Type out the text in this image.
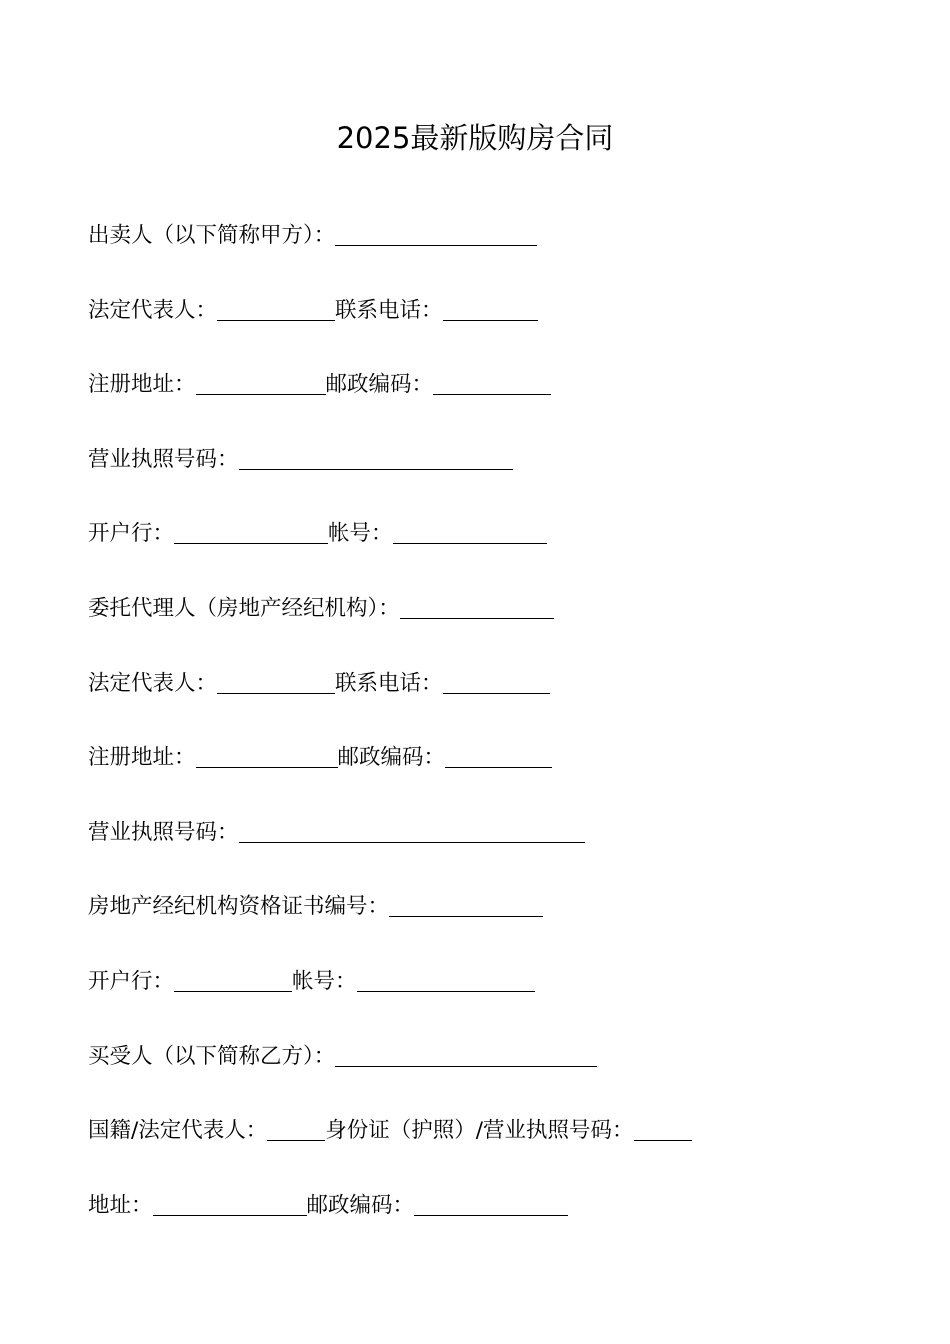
2025最新版购房合同
出卖人（以下简称甲方）：
法定代表人：	联系电话：
注册地址：	邮政编码：
营业执照号码：
开户行：	帐号：
委托代理人（房地产经纪机构）：
法定代表人：	联系电话：
注册地址：	邮政编码：
营业执照号码：
房地产经纪机构资格证书编号：
开户行：	帐号：
买受人（以下简称乙方）：
国籍/法定代表人：	身份证（护照）/营业执照号码：
地址：	邮政编码：
